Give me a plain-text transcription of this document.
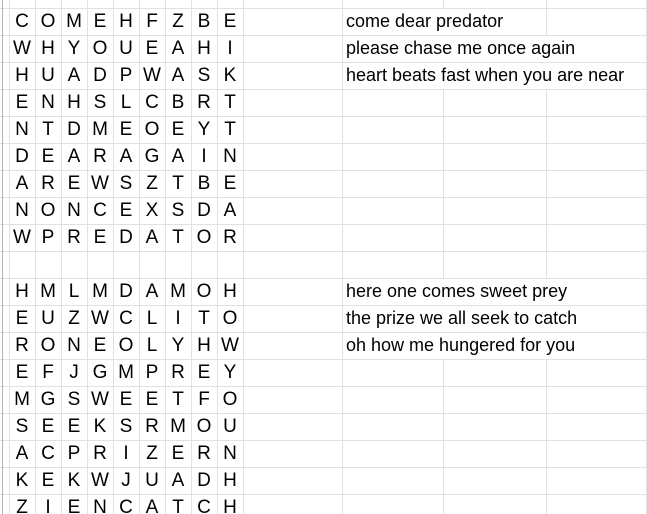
C O M E H F Z B E
W H Y O U E A H I
H U A D P W A S K
E N H S L C B R T
N T D M E O E Y T
D E A R A G A I N
A R E W S Z T B E
N O N C E X S D A
W P R E D A T O R
H M L M D A M O H
E U Z W C L I T O
R O N E O L Y H W
E F J G M P R E Y
M G S W E E T F O
S E E K S R M O U
A C P R I Z E R N
K E K W J U A D H
Z I E N C A T C H
come dear predator
please chase me once again
heart beats fast when you are near
here one comes sweet prey
the prize we all seek to catch
oh how me hungered for you
